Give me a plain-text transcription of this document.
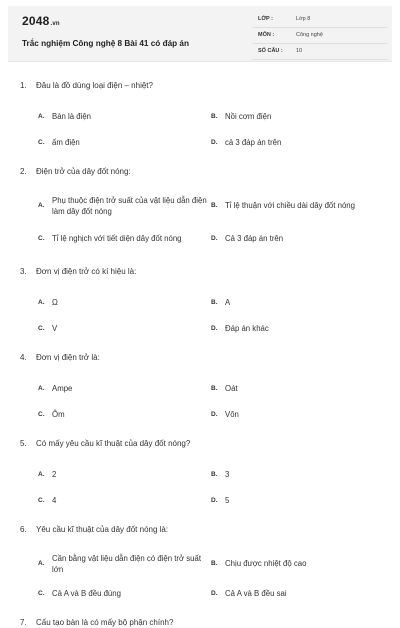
2048.vn
Trắc nghiệm Công nghệ 8 Bài 41 có đáp án
LỚP :	Lớp 8
MÔN :	Công nghệ
SỐ CÂU : 10
1.	Đâu là đồ dùng loại điện – nhiệt?
A. Bàn là điện	B. Nồi cơm điện
C. ấm điện	D. cả 3 đáp án trên
2.	Điện trở của dây đốt nóng:
A.
Phụ thuộc điện trở suất của vật liệu dẫn điện làm dây đốt nóng
B. Tỉ lệ thuận với chiều dài dây đốt nóng
C. Tỉ lệ nghịch với tiết diện dây đốt nóng	D. Cả 3 đáp án trên
3.	Đơn vị điện trở có kí hiệu là:
A. Ω	B. A
C. V	D. Đáp án khác
4.	Đơn vị điện trở là:
A. Ampe	B. Oát
C. Ôm	D. Vôn
5.	Có mấy yêu cầu kĩ thuật của dây đốt nóng?
A. 2	B. 3
C. 4	D. 5
6.	Yêu cầu kĩ thuật của dây đốt nóng là:
A.
Cần bằng vật liệu dẫn điện có điện trở suất lớn
B. Chịu được nhiệt độ cao
C. Cả A và B đều đúng	D. Cả A và B đều sai
7.	Cấu tạo bàn là có mấy bộ phận chính?
